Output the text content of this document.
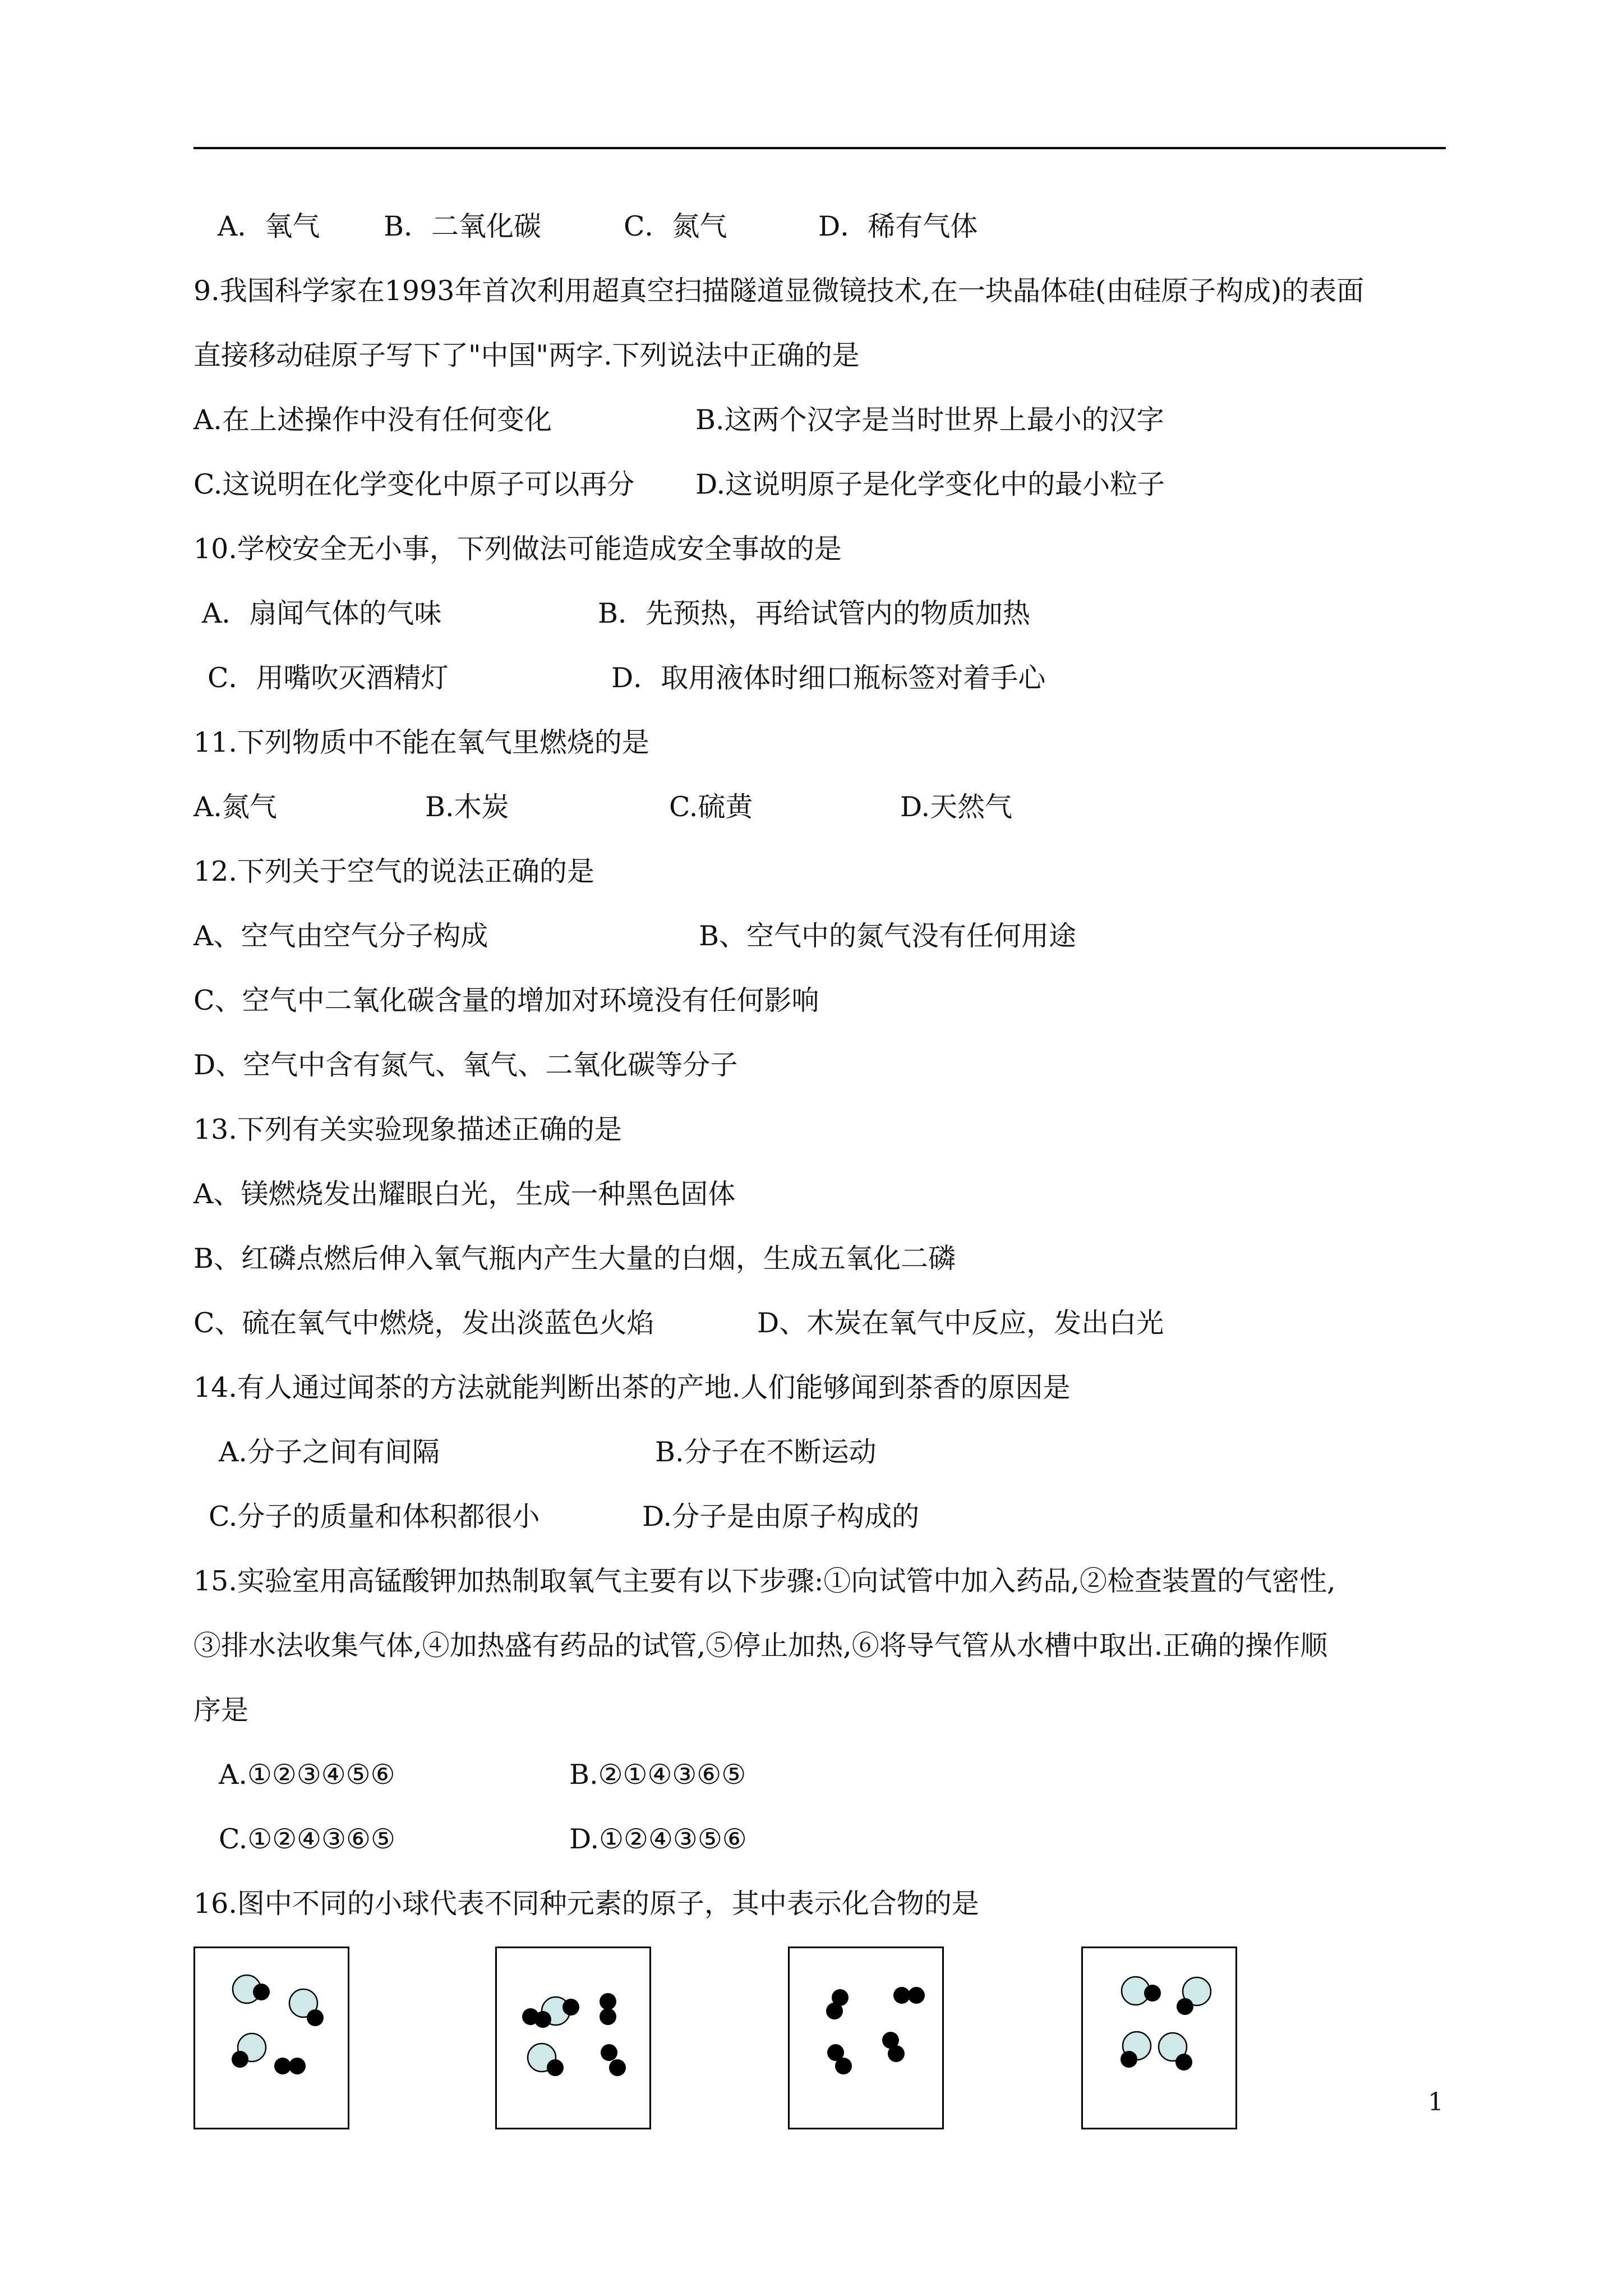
A．氧气　　 B．二氧化碳　　　C．氮气　　　 D．稀有气体
9.我国科学家在1993年首次利用超真空扫描隧道显微镜技术,在一块晶体硅(由硅原子构成)的表面
直接移动硅原子写下了"中国"两字.下列说法中正确的是
A.在上述操作中没有任何变化	B.这两个汉字是当时世界上最小的汉字
C.这说明在化学变化中原子可以再分 D.这说明原子是化学变化中的最小粒子
10.学校安全无小事，下列做法可能造成安全事故的是
A．扇闻气体的气味	B．先预热，再给试管内的物质加热
C．用嘴吹灭酒精灯	D．取用液体时细口瓶标签对着手心
11.下列物质中不能在氧气里燃烧的是
A.氮气	B.木炭	C.硫黄	D.天然气
12.下列关于空气的说法正确的是
A、空气由空气分子构成	B、空气中的氮气没有任何用途
C、空气中二氧化碳含量的增加对环境没有任何影响
D、空气中含有氮气、氧气、二氧化碳等分子
13.下列有关实验现象描述正确的是
A、镁燃烧发出耀眼白光，生成一种黑色固体
B、红磷点燃后伸入氧气瓶内产生大量的白烟，生成五氧化二磷
C、硫在氧气中燃烧，发出淡蓝色火焰	D、木炭在氧气中反应，发出白光
14.有人通过闻茶的方法就能判断出茶的产地.人们能够闻到茶香的原因是
A.分子之间有间隔	B.分子在不断运动
C.分子的质量和体积都很小	D.分子是由原子构成的
15.实验室用高锰酸钾加热制取氧气主要有以下步骤:①向试管中加入药品,②检查装置的气密性,
③排水法收集气体,④加热盛有药品的试管,⑤停止加热,⑥将导气管从水槽中取出.正确的操作顺
序是
A.①②③④⑤⑥	B.②①④③⑥⑤
C.①②④③⑥⑤	D.①②④③⑤⑥
16.图中不同的小球代表不同种元素的原子，其中表示化合物的是
1
